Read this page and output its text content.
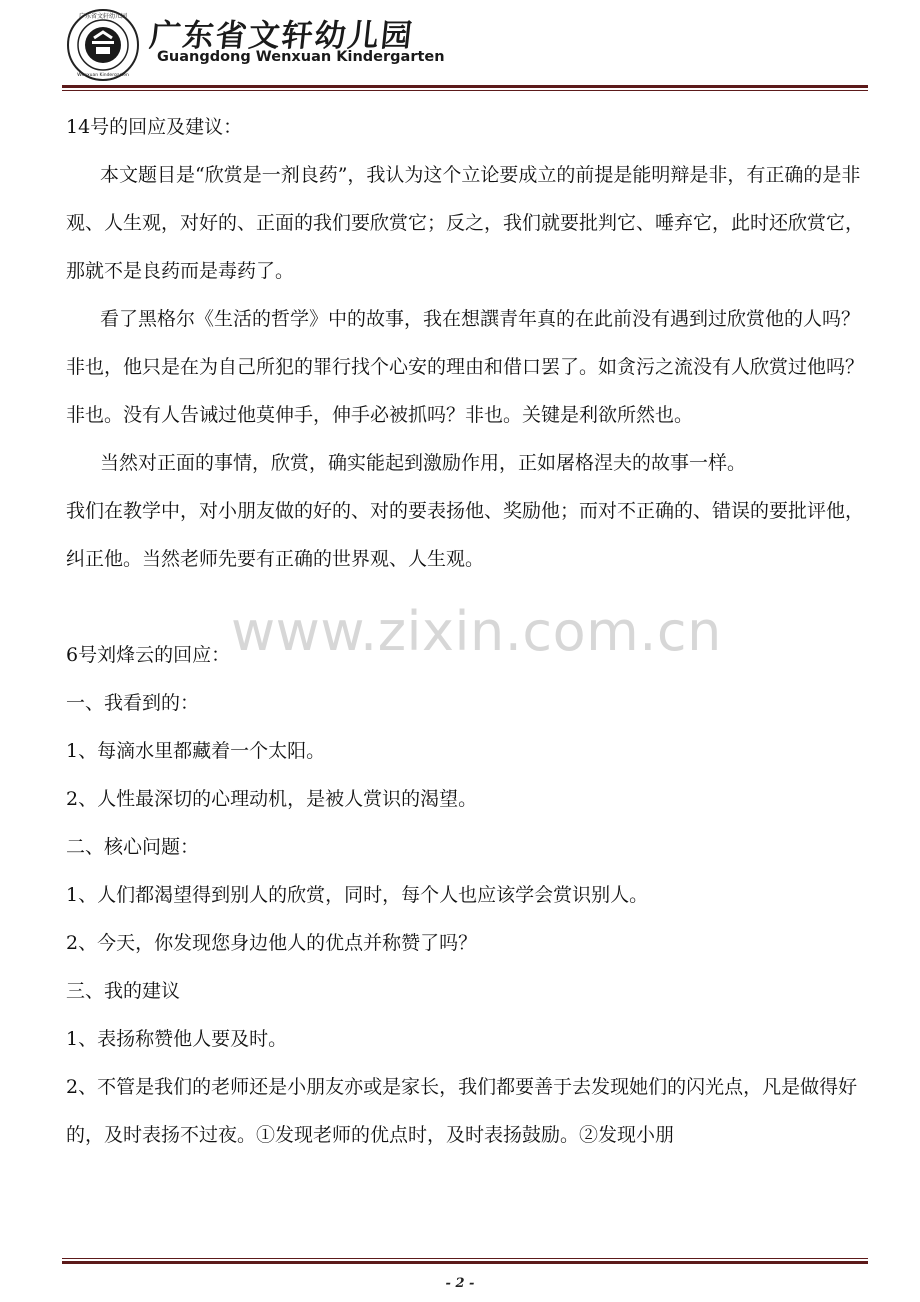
广东省文轩幼儿园
Wenxuan Kindergarten
广东省文轩幼儿园
Guangdong Wenxuan Kindergarten

14号的回应及建议：

本文题目是“欣赏是一剂良药”，我认为这个立论要成立的前提是能明辩是非，有正确的是非观、人生观，对好的、正面的我们要欣赏它；反之，我们就要批判它、唾弃它，此时还欣赏它，那就不是良药而是毒药了。

看了黑格尔《生活的哲学》中的故事，我在想譔青年真的在此前没有遇到过欣赏他的人吗？非也，他只是在为自己所犯的罪行找个心安的理由和借口罢了。如贪污之流没有人欣赏过他吗？非也。没有人告诫过他莫伸手，伸手必被抓吗？非也。关键是利欲所然也。

当然对正面的事情，欣赏，确实能起到激励作用，正如屠格涅夫的故事一样。

我们在教学中，对小朋友做的好的、对的要表扬他、奖励他；而对不正确的、错误的要批评他，纠正他。当然老师先要有正确的世界观、人生观。

6号刘烽云的回应：

一、我看到的：

1、每滴水里都藏着一个太阳。

2、人性最深切的心理动机，是被人赏识的渴望。

二、核心问题：

1、人们都渴望得到别人的欣赏，同时，每个人也应该学会赏识别人。

2、今天，你发现您身边他人的优点并称赞了吗？

三、我的建议

1、表扬称赞他人要及时。

2、不管是我们的老师还是小朋友亦或是家长，我们都要善于去发现她们的闪光点，凡是做得好的，及时表扬不过夜。①发现老师的优点时，及时表扬鼓励。②发现小朋

www.zixin.com.cn
- 2 -
